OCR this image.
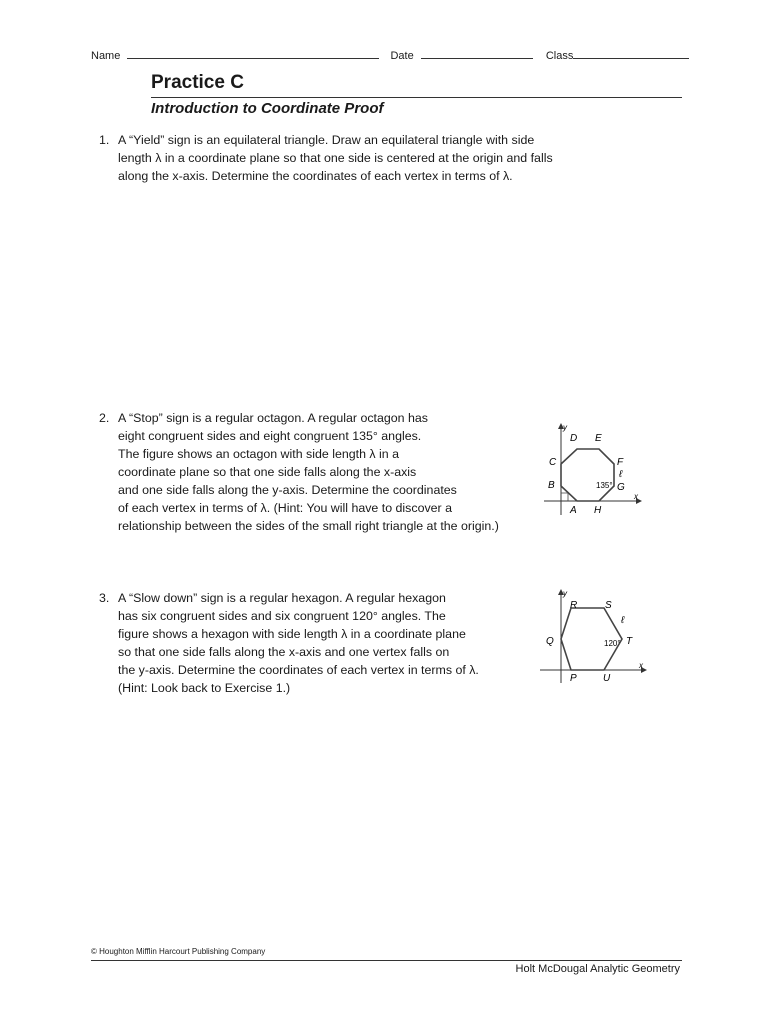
Name	Date	Class
Practice C
Introduction to Coordinate Proof
1. A “Yield” sign is an equilateral triangle. Draw an equilateral triangle with side
length λ in a coordinate plane so that one side is centered at the origin and falls
along the x-axis. Determine the coordinates of each vertex in terms of λ.
2. A “Stop” sign is a regular octagon. A regular octagon has
eight congruent sides and eight congruent 135° angles.
The figure shows an octagon with side length λ in a
coordinate plane so that one side falls along the x-axis
and one side falls along the y-axis. Determine the coordinates
of each vertex in terms of λ. (Hint: You will have to discover a
relationship between the sides of the small right triangle at the origin.)
y
x
A
B
C
D E
F
G
H
ℓ
135°
3. A “Slow down” sign is a regular hexagon. A regular hexagon
has six congruent sides and six congruent 120° angles. The
figure shows a hexagon with side length λ in a coordinate plane
so that one side falls along the x-axis and one vertex falls on
the y-axis. Determine the coordinates of each vertex in terms of λ.
(Hint: Look back to Exercise 1.)
y
x
P
Q
R	S
T
U
ℓ
120°
© Houghton Mifflin Harcourt Publishing Company
Holt McDougal Analytic Geometry
